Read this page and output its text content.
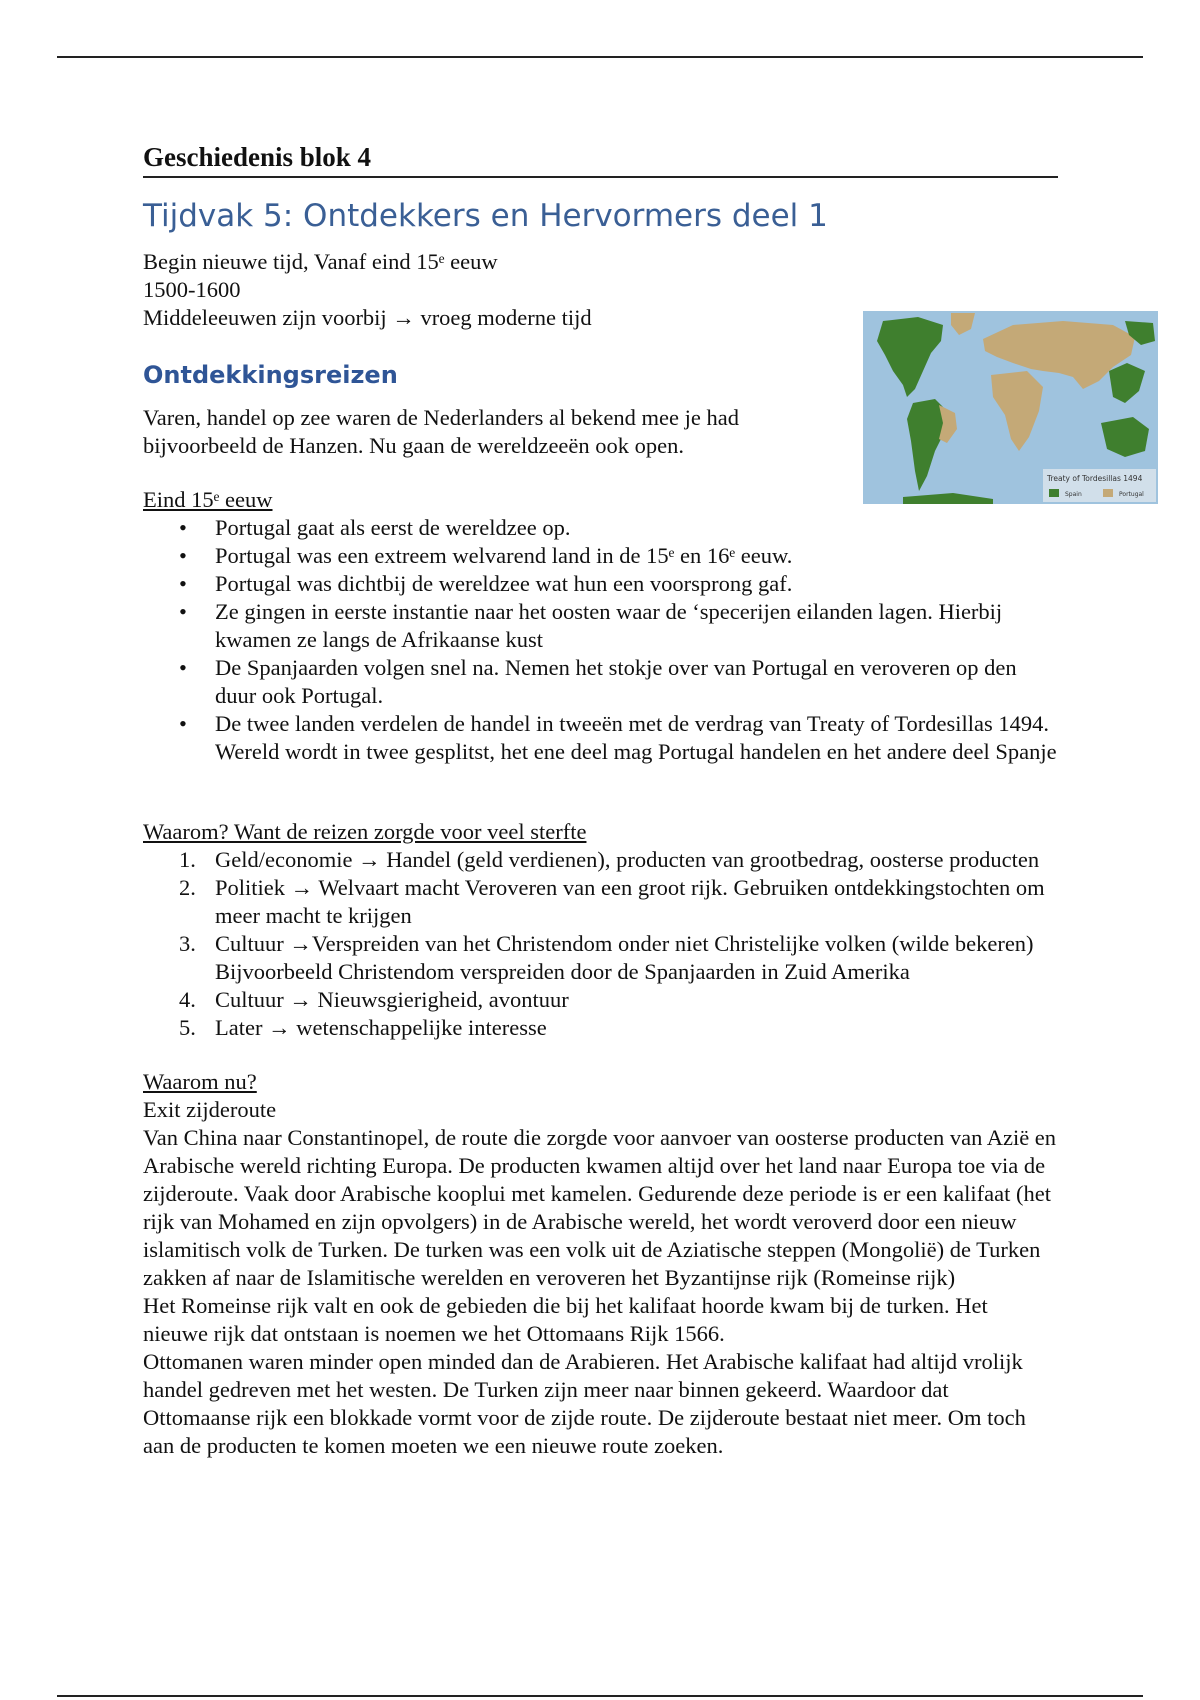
Treaty of Tordesillas 1494
Spain	Portugal
Geschiedenis blok 4
Tijdvak 5: Ontdekkers en Hervormers deel 1

Begin nieuwe tijd, Vanaf eind 15ᵉ eeuw

1500-1600

Middeleeuwen zijn voorbij → vroeg moderne tijd

Ontdekkingsreizen

Varen, handel op zee waren de Nederlanders al bekend mee je had bijvoorbeeld de Hanzen. Nu gaan de wereldzeeën ook open.

Eind 15ᵉ eeuw

• Portugal gaat als eerst de wereldzee op.
• Portugal was een extreem welvarend land in de 15ᵉ en 16ᵉ eeuw.
• Portugal was dichtbij de wereldzee wat hun een voorsprong gaf.
• Ze gingen in eerste instantie naar het oosten waar de ‘specerijen eilanden lagen. Hierbij kwamen ze langs de Afrikaanse kust
• De Spanjaarden volgen snel na. Nemen het stokje over van Portugal en veroveren op den duur ook Portugal.
• De twee landen verdelen de handel in tweeën met de verdrag van Treaty of Tordesillas 1494. Wereld wordt in twee gesplitst, het ene deel mag Portugal handelen en het andere deel Spanje

Waarom? Want de reizen zorgde voor veel sterfte

1. Geld/economie → Handel (geld verdienen), producten van grootbedrag, oosterse producten
2. Politiek → Welvaart macht Veroveren van een groot rijk. Gebruiken ontdekkingstochten om meer macht te krijgen
3. Cultuur →Verspreiden van het Christendom onder niet Christelijke volken (wilde bekeren) Bijvoorbeeld Christendom verspreiden door de Spanjaarden in Zuid Amerika
4. Cultuur → Nieuwsgierigheid, avontuur
5. Later → wetenschappelijke interesse

Waarom nu?

Exit zijderoute

Van China naar Constantinopel, de route die zorgde voor aanvoer van oosterse producten van Azië en Arabische wereld richting Europa. De producten kwamen altijd over het land naar Europa toe via de zijderoute. Vaak door Arabische kooplui met kamelen. Gedurende deze periode is er een kalifaat (het rijk van Mohamed en zijn opvolgers) in de Arabische wereld, het wordt veroverd door een nieuw islamitisch volk de Turken. De turken was een volk uit de Aziatische steppen (Mongolië) de Turken zakken af naar de Islamitische werelden en veroveren het Byzantijnse rijk (Romeinse rijk)

Het Romeinse rijk valt en ook de gebieden die bij het kalifaat hoorde kwam bij de turken. Het nieuwe rijk dat ontstaan is noemen we het Ottomaans Rijk 1566.

Ottomanen waren minder open minded dan de Arabieren. Het Arabische kalifaat had altijd vrolijk handel gedreven met het westen. De Turken zijn meer naar binnen gekeerd. Waardoor dat Ottomaanse rijk een blokkade vormt voor de zijde route. De zijderoute bestaat niet meer. Om toch aan de producten te komen moeten we een nieuwe route zoeken.
